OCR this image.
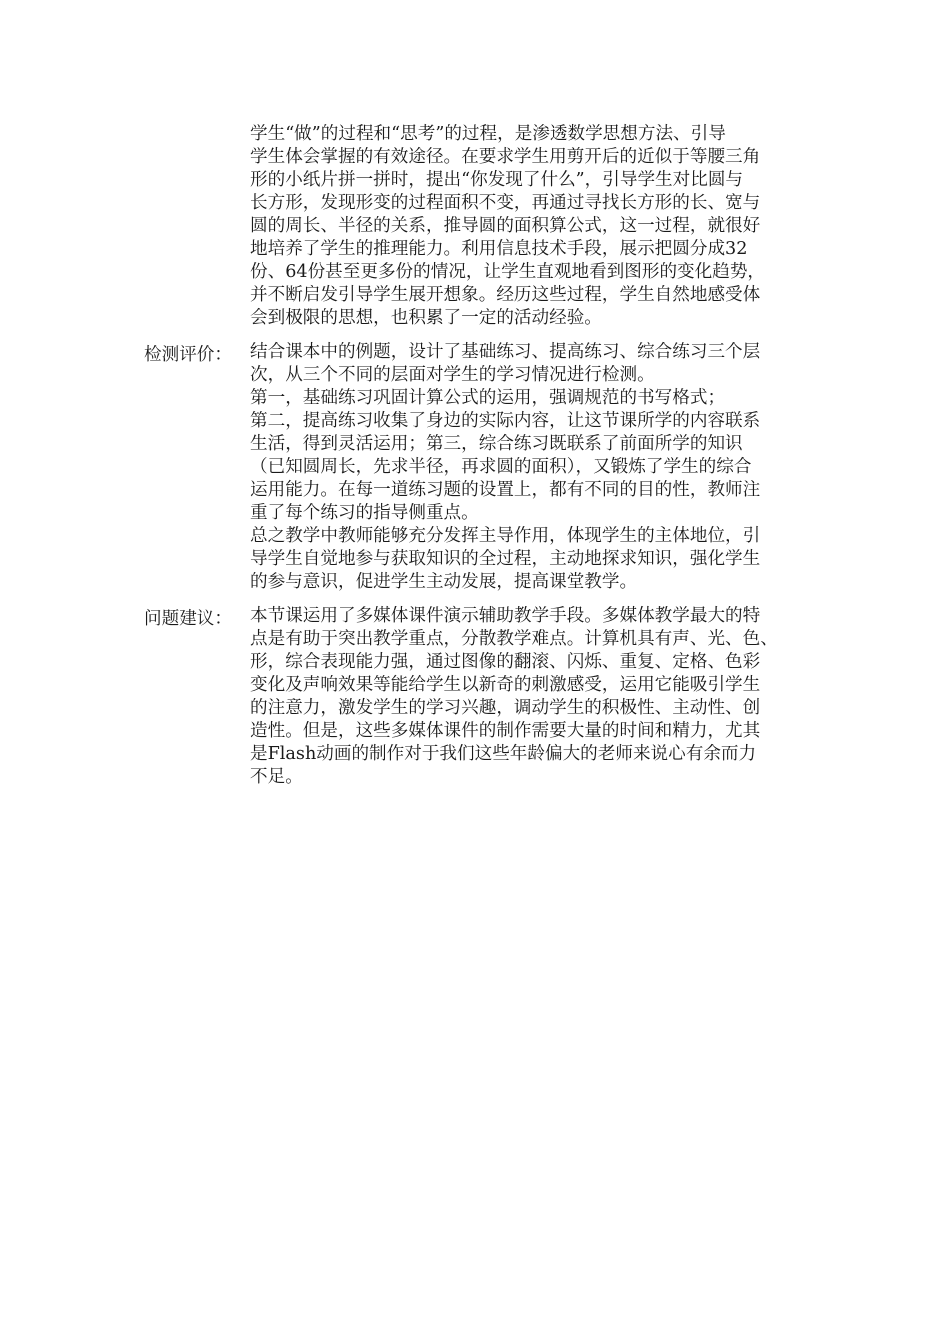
学生“做”的过程和“思考”的过程，是渗透数学思想方法、引导
学生体会掌握的有效途径。在要求学生用剪开后的近似于等腰三角
形的小纸片拼一拼时，提出“你发现了什么”，引导学生对比圆与
长方形，发现形变的过程面积不变，再通过寻找长方形的长、宽与
圆的周长、半径的关系，推导圆的面积算公式，这一过程，就很好
地培养了学生的推理能力。利用信息技术手段，展示把圆分成32
份、64份甚至更多份的情况，让学生直观地看到图形的变化趋势，
并不断启发引导学生展开想象。经历这些过程，学生自然地感受体
会到极限的思想，也积累了一定的活动经验。
检测评价：	结合课本中的例题，设计了基础练习、提高练习、综合练习三个层
次，从三个不同的层面对学生的学习情况进行检测。
第一，基础练习巩固计算公式的运用，强调规范的书写格式；
第二，提高练习收集了身边的实际内容，让这节课所学的内容联系
生活，得到灵活运用；第三，综合练习既联系了前面所学的知识
（已知圆周长，先求半径，再求圆的面积），又锻炼了学生的综合
运用能力。在每一道练习题的设置上，都有不同的目的性，教师注
重了每个练习的指导侧重点。
总之教学中教师能够充分发挥主导作用，体现学生的主体地位，引
导学生自觉地参与获取知识的全过程，主动地探求知识，强化学生
的参与意识，促进学生主动发展，提高课堂教学。
问题建议：	本节课运用了多媒体课件演示辅助教学手段。多媒体教学最大的特
点是有助于突出教学重点，分散教学难点。计算机具有声、光、色、
形，综合表现能力强，通过图像的翻滚、闪烁、重复、定格、色彩
变化及声响效果等能给学生以新奇的刺激感受，运用它能吸引学生
的注意力，激发学生的学习兴趣，调动学生的积极性、主动性、创
造性。但是，这些多媒体课件的制作需要大量的时间和精力，尤其
是Flash动画的制作对于我们这些年龄偏大的老师来说心有余而力
不足。
